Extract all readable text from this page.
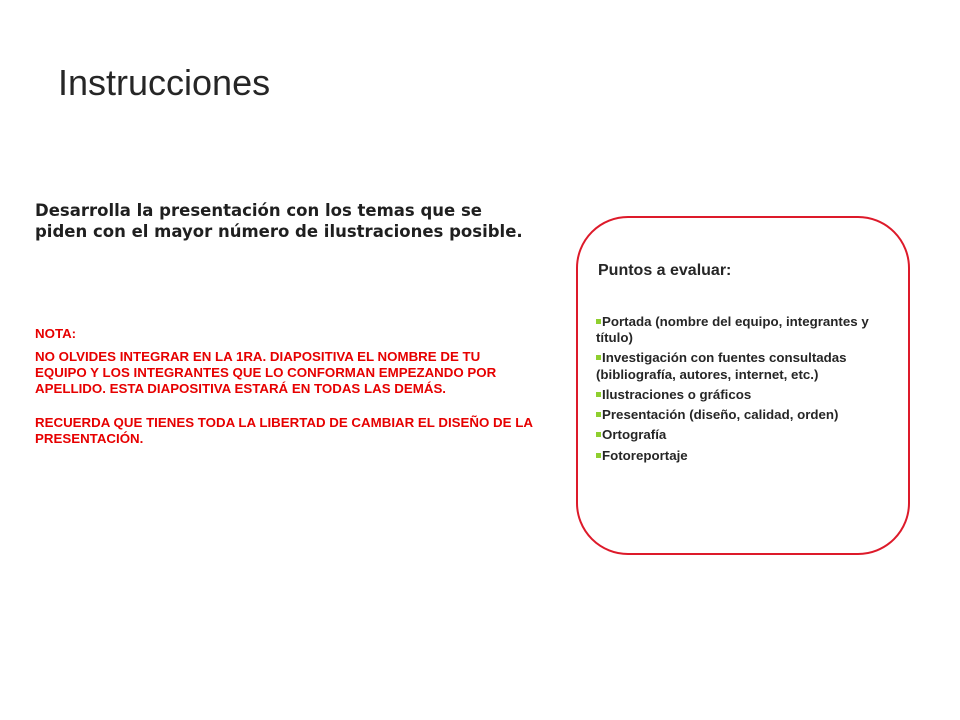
Instrucciones

Desarrolla la presentación con los temas que se piden con el mayor número de ilustraciones posible.

NOTA:

NO OLVIDES INTEGRAR EN LA 1RA. DIAPOSITIVA EL NOMBRE DE TU EQUIPO Y LOS INTEGRANTES QUE LO CONFORMAN EMPEZANDO POR APELLIDO. ESTA DIAPOSITIVA ESTARÁ EN TODAS LAS DEMÁS.

RECUERDA QUE TIENES TODA LA LIBERTAD DE CAMBIAR EL DISEÑO DE LA PRESENTACIÓN.

Puntos a evaluar:

Portada (nombre del equipo, integrantes y título)
Investigación con fuentes consultadas (bibliografía, autores, internet, etc.)
Ilustraciones o gráficos
Presentación (diseño, calidad, orden)
Ortografía
Fotoreportaje
